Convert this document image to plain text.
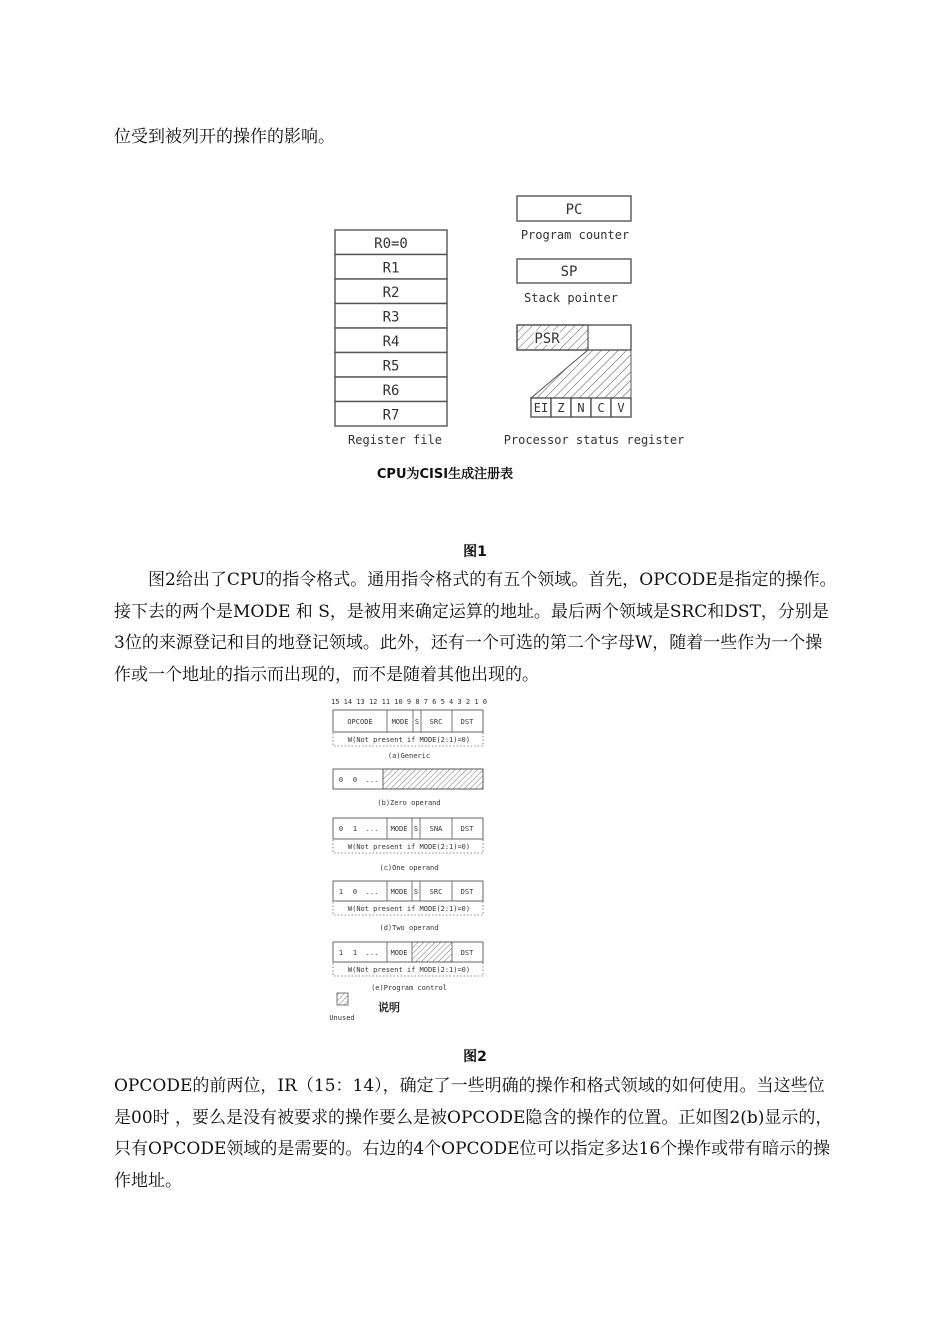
位受到被列开的操作的影响。

R0=0
R1
R2
R3
R4
R5
R6
R7
Register file
PC
Program counter
SP
Stack pointer
PSR
EI Z N C V
Processor status register
CPU为CISI生成注册表
图1

图2给出了CPU的指令格式。通用指令格式的有五个领域。首先，OPCODE是指定的操作。接下去的两个是MODE 和 S，是被用来确定运算的地址。最后两个领域是SRC和DST，分别是3位的来源登记和目的地登记领域。此外，还有一个可选的第二个字母W，随着一些作为一个操作或一个地址的指示而出现的，而不是随着其他出现的。

15 14 13 12 11 10 9 8 7 6 5 4 3 2 1 0
OPCODE	MODE S SRC	DST
W(Not present if MODE(2:1)=0)
(a)Generic
0 0 ...
(b)Zero operand
0 1 ... MODE S SNA	DST
W(Not present if MODE(2:1)=0)
(c)One operand
1 0 ... MODE S SRC	DST
W(Not present if MODE(2:1)=0)
(d)Two operand
1 1 ... MODE	DST
W(Not present if MODE(2:1)=0)
(e)Program control
Unused
说明
图2

OPCODE的前两位，IR（15：14），确定了一些明确的操作和格式领域的如何使用。当这些位是00时 ，要么是没有被要求的操作要么是被OPCODE隐含的操作的位置。正如图2(b)显示的，只有OPCODE领域的是需要的。右边的4个OPCODE位可以指定多达16个操作或带有暗示的操作地址。
